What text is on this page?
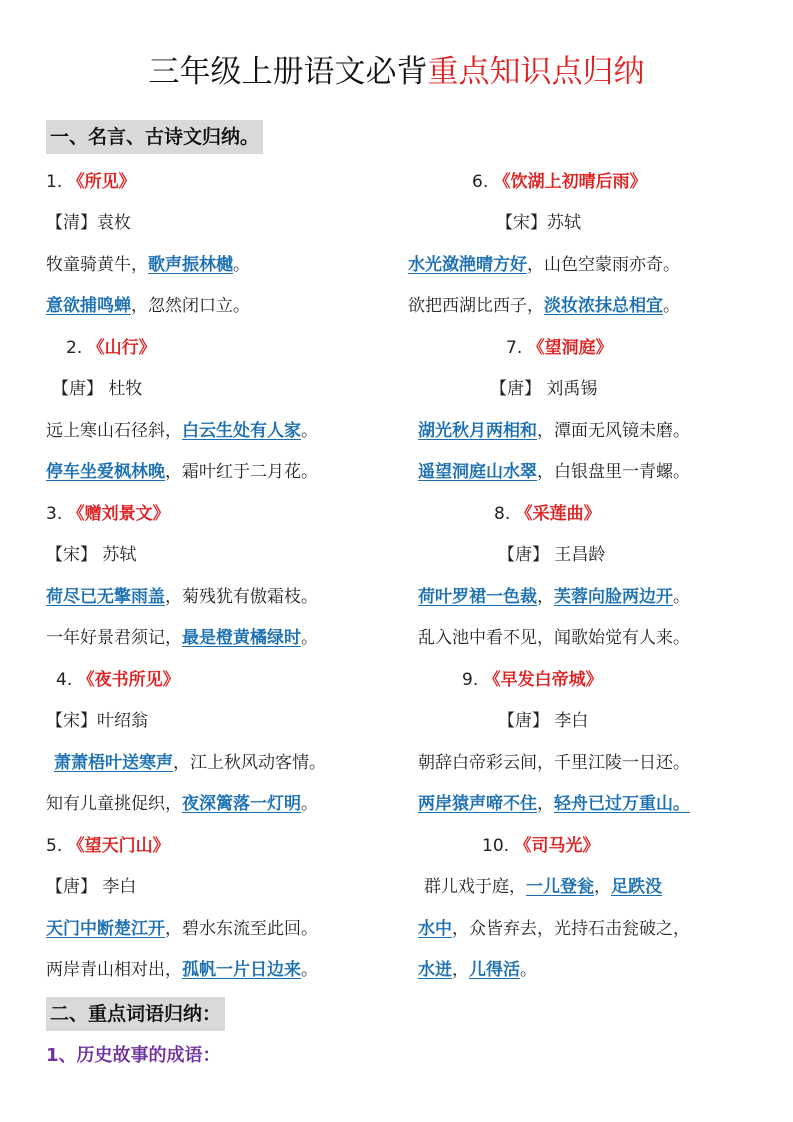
三年级上册语文必背重点知识点归纳
一、名言、古诗文归纳。
1. 《所见》
【清】袁枚
牧童骑黄牛，歌声振林樾。
意欲捕鸣蝉，忽然闭口立。
2. 《山行》
【唐】 杜牧
远上寒山石径斜，白云生处有人家。
停车坐爱枫林晚，霜叶红于二月花。
3. 《赠刘景文》
【宋】 苏轼
荷尽已无擎雨盖，菊残犹有傲霜枝。
一年好景君须记，最是橙黄橘绿时。
4. 《夜书所见》
【宋】叶绍翁
萧萧梧叶送寒声，江上秋风动客情。
知有儿童挑促织，夜深篱落一灯明。
5. 《望天门山》
【唐】 李白
天门中断楚江开，碧水东流至此回。
两岸青山相对出，孤帆一片日边来。
6. 《饮湖上初晴后雨》
【宋】苏轼
水光潋滟晴方好，山色空蒙雨亦奇。
欲把西湖比西子，淡妆浓抹总相宜。
7. 《望洞庭》
【唐】 刘禹锡
湖光秋月两相和，潭面无风镜未磨。
遥望洞庭山水翠，白银盘里一青螺。
8. 《采莲曲》
【唐】 王昌龄
荷叶罗裙一色裁，芙蓉向脸两边开。
乱入池中看不见，闻歌始觉有人来。
9. 《早发白帝城》
【唐】 李白
朝辞白帝彩云间，千里江陵一日还。
两岸猿声啼不住，轻舟已过万重山。
10. 《司马光》
群儿戏于庭，一儿登瓮，足跌没
水中，众皆弃去，光持石击瓮破之，
水迸，儿得活。
二、重点词语归纳：
1、历史故事的成语：
